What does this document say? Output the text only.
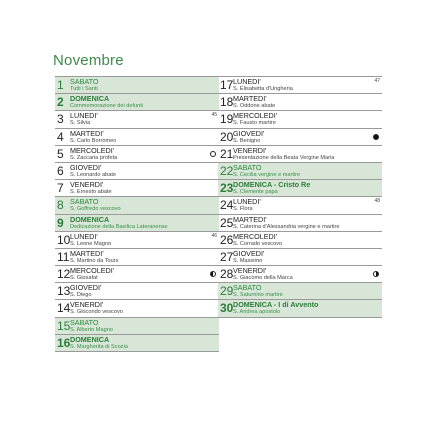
Novembre
1 SABATO
Tutti i Santi
2 DOMENICA
Commemorazione dei defunti
3 LUNEDI'
S. Silvia
45
4 MARTEDI'
S. Carlo Borromeo
5 MERCOLEDI'
S. Zaccaria profeta
6 GIOVEDI'
S. Leonardo abate
7 VENERDI'
S. Ernesto abate
8 SABATO
S. Goffredo vescovo
9 DOMENICA
Dedicazione della Basilica Lateranense
10 LUNEDI'
S. Leone Magno
46
11 MARTEDI'
S. Martino da Tours
12 MERCOLEDI'
S. Giosafat
13 GIOVEDI'
S. Diego
14 VENERDI'
S. Giocondo vescovo
15 SABATO
S. Alberto Magno
16 DOMENICA
S. Margherita di Scozia
17 LUNEDI'
S. Elisabetta d'Ungheria
47
18 MARTEDI'
S. Oddone abate
19 MERCOLEDI'
S. Fausto martire
20 GIOVEDI'
S. Benigno
21 VENERDI'
Presentazione della Beata Vergine Maria
22 SABATO
S. Cecilia vergine e martire
23 DOMENICA - Cristo Re
S. Clemente papa
24 LUNEDI'
S. Flora
48
25 MARTEDI'
S. Caterina d'Alessandria vergine e martire
26 MERCOLEDI'
S. Corrado vescovo
27 GIOVEDI'
S. Massimo
28 VENERDI'
S. Giacomo della Marca
29 SABATO
S. Saturnino martire
30 DOMENICA - I di Avvento
S. Andrea apostolo
